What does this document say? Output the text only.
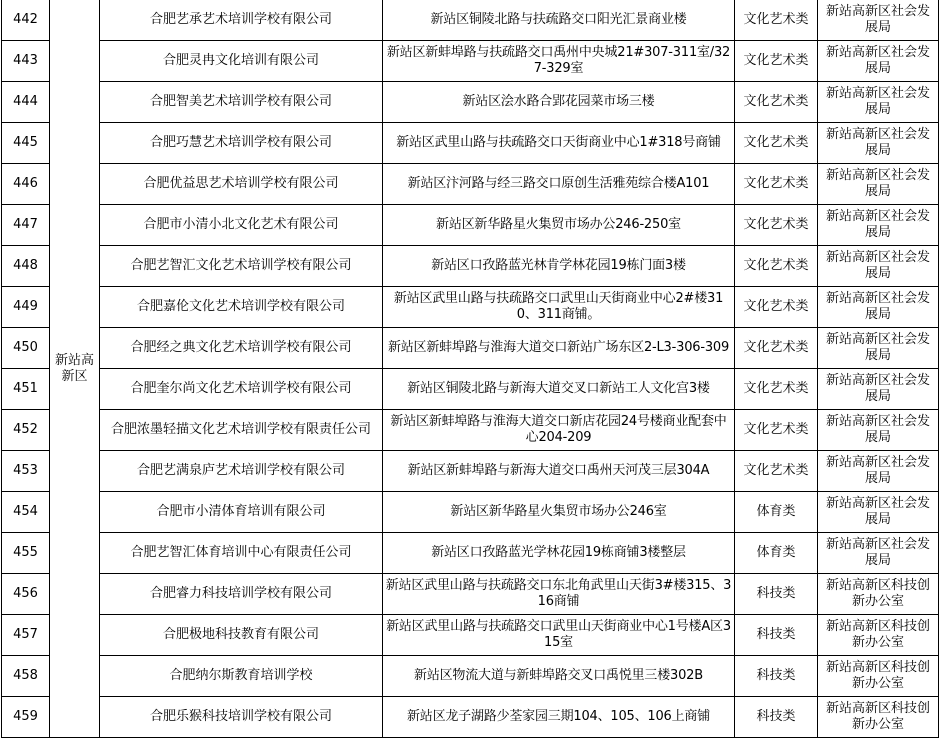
442	新站高新区	合肥艺承艺术培训学校有限公司	新站区铜陵北路与扶疏路交口阳光汇景商业楼	文化艺术类	新站高新区社会发展局
443		合肥灵冉文化培训有限公司	新站区新蚌埠路与扶疏路交口禹州中央城21#307-311室/327-329室	文化艺术类	新站高新区社会发展局
444		合肥智美艺术培训学校有限公司	新站区浍水路合郢花园菜市场三楼	文化艺术类	新站高新区社会发展局
445		合肥巧慧艺术培训学校有限公司	新站区武里山路与扶疏路交口天街商业中心1#318号商铺	文化艺术类	新站高新区社会发展局
446		合肥优益思艺术培训学校有限公司	新站区汴河路与经三路交口原创生活雅苑综合楼A101	文化艺术类	新站高新区社会发展局
447		合肥市小清小北文化艺术有限公司	新站区新华路星火集贸市场办公246-250室	文化艺术类	新站高新区社会发展局
448		合肥艺智汇文化艺术培训学校有限公司	新站区口孜路蓝光林肯学林花园19栋门面3楼	文化艺术类	新站高新区社会发展局
449		合肥嘉伦文化艺术培训学校有限公司	新站区武里山路与扶疏路交口武里山天街商业中心2#楼310、311商铺。	文化艺术类	新站高新区社会发展局
450		合肥经之典文化艺术培训学校有限公司	新站区新蚌埠路与淮海大道交口新站广场东区2-L3-306-309	文化艺术类	新站高新区社会发展局
451		合肥奎尔尚文化艺术培训学校有限公司	新站区铜陵北路与新海大道交叉口新站工人文化宫3楼	文化艺术类	新站高新区社会发展局
452		合肥浓墨轻描文化艺术培训学校有限责任公司	新站区新蚌埠路与淮海大道交口新店花园24号楼商业配套中心204-209	文化艺术类	新站高新区社会发展局
453		合肥艺满泉庐艺术培训学校有限公司	新站区新蚌埠路与新海大道交口禹州天河茂三层304A	文化艺术类	新站高新区社会发展局
454		合肥市小清体育培训有限公司	新站区新华路星火集贸市场办公246室	体育类	新站高新区社会发展局
455		合肥艺智汇体育培训中心有限责任公司	新站区口孜路蓝光学林花园19栋商铺3楼整层	体育类	新站高新区社会发展局
456		合肥睿力科技培训学校有限公司	新站区武里山路与扶疏路交口东北角武里山天街3#楼315、316商铺	科技类	新站高新区科技创新办公室
457		合肥极地科技教育有限公司	新站区武里山路与扶疏路交口武里山天街商业中心1号楼A区315室	科技类	新站高新区科技创新办公室
458		合肥纳尔斯教育培训学校	新站区物流大道与新蚌埠路交叉口禹悦里三楼302B	科技类	新站高新区科技创新办公室
459		合肥乐猴科技培训学校有限公司	新站区龙子湖路少荃家园三期104、105、106上商铺	科技类	新站高新区科技创新办公室
